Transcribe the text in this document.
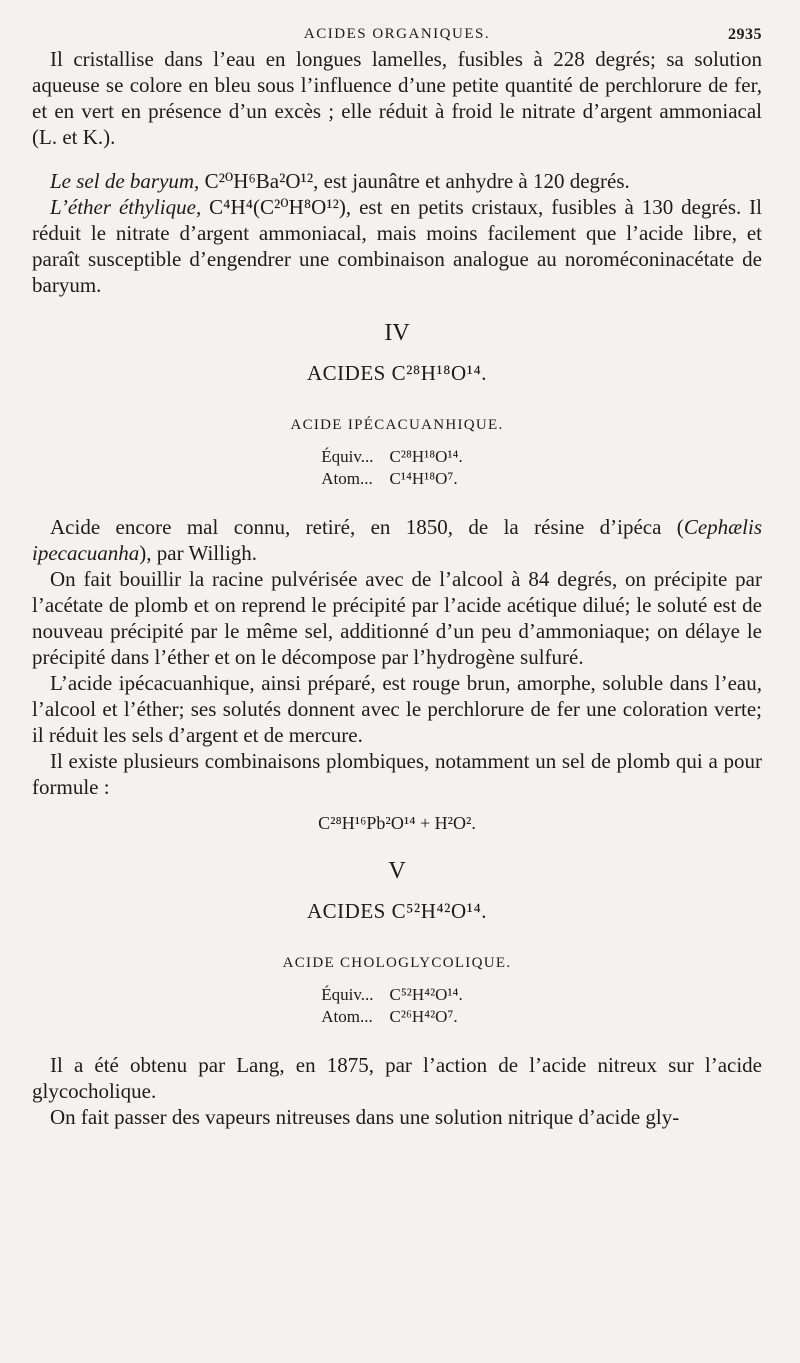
ACIDES ORGANIQUES.	2935

Il cristallise dans l’eau en longues lamelles, fusibles à 228 degrés; sa solution aqueuse se colore en bleu sous l’influence d’une petite quantité de perchlorure de fer, et en vert en présence d’un excès ; elle réduit à froid le nitrate d’argent ammoniacal (L. et K.).

Le sel de baryum, C²⁰H⁶Ba²O¹², est jaunâtre et anhydre à 120 degrés.

L’éther éthylique, C⁴H⁴(C²⁰H⁸O¹²), est en petits cristaux, fusibles à 130 degrés. Il réduit le nitrate d’argent ammoniacal, mais moins facilement que l’acide libre, et paraît susceptible d’engendrer une combinaison analogue au noroméconinacétate de baryum.

IV

ACIDES C²⁸H¹⁸O¹⁴.

ACIDE IPÉCACUANHIQUE.

Équiv...	C²⁸H¹⁸O¹⁴.
Atom...	C¹⁴H¹⁸O⁷.

Acide encore mal connu, retiré, en 1850, de la résine d’ipéca (Cephælis ipecacuanha), par Willigh.

On fait bouillir la racine pulvérisée avec de l’alcool à 84 degrés, on précipite par l’acétate de plomb et on reprend le précipité par l’acide acétique dilué; le soluté est de nouveau précipité par le même sel, additionné d’un peu d’ammoniaque; on délaye le précipité dans l’éther et on le décompose par l’hydrogène sulfuré.

L’acide ipécacuanhique, ainsi préparé, est rouge brun, amorphe, soluble dans l’eau, l’alcool et l’éther; ses solutés donnent avec le perchlorure de fer une coloration verte; il réduit les sels d’argent et de mercure.

Il existe plusieurs combinaisons plombiques, notamment un sel de plomb qui a pour formule :

C²⁸H¹⁶Pb²O¹⁴ + H²O².

V

ACIDES C⁵²H⁴²O¹⁴.

ACIDE CHOLOGLYCOLIQUE.

Équiv...	C⁵²H⁴²O¹⁴.
Atom...	C²⁶H⁴²O⁷.

Il a été obtenu par Lang, en 1875, par l’action de l’acide nitreux sur l’acide glycocholique.

On fait passer des vapeurs nitreuses dans une solution nitrique d’acide gly-
